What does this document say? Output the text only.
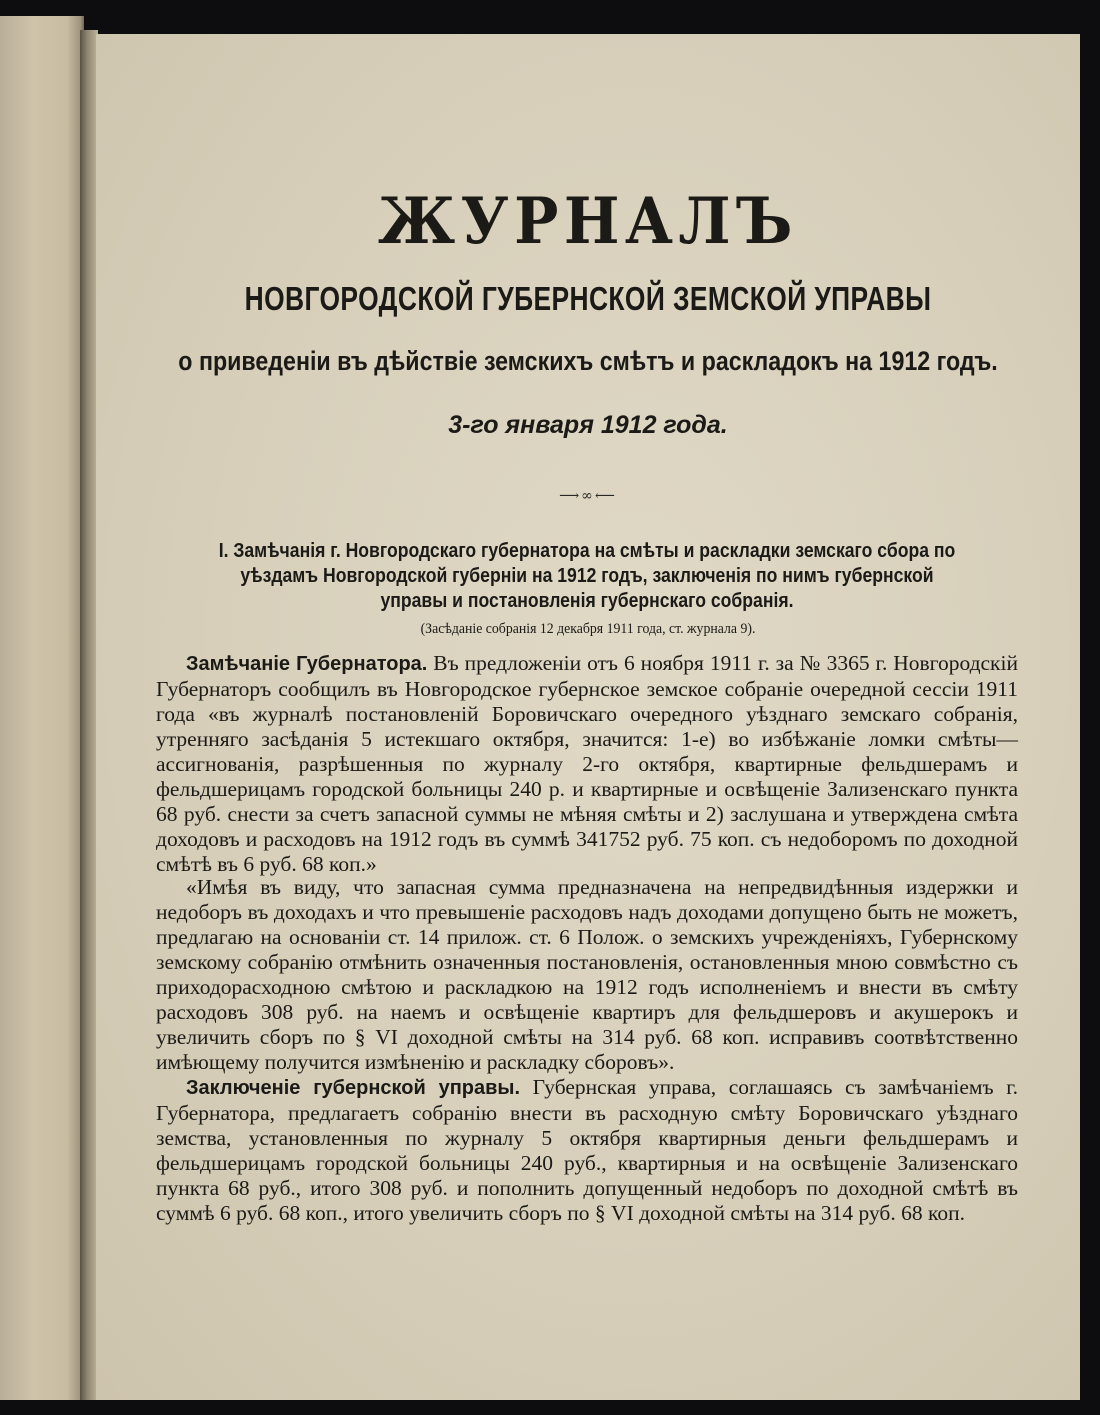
ЖУРНАЛЪ
НОВГОРОДСКОЙ ГУБЕРНСКОЙ ЗЕМСКОЙ УПРАВЫ
о приведеніи въ дѣйствіе земскихъ смѣтъ и раскладокъ на 1912 годъ.
3-го января 1912 года.
⟶∞⟵
I. Замѣчанія г. Новгородскаго губернатора на смѣты и раскладки земскаго сбора по уѣздамъ Новгородской губерніи на 1912 годъ, заключенія по нимъ губернской управы и постановленія губернскаго собранія.
(Засѣданіе собранія 12 декабря 1911 года, ст. журнала 9).

Замѣчаніе Губернатора. Въ предложеніи отъ 6 ноября 1911 г. за № 3365 г. Новгородскій Губернаторъ сообщилъ въ Новгородское губернское земское собраніе очередной сессіи 1911 года «въ журналѣ постановленій Боровичскаго очередного уѣзднаго земскаго собранія, утренняго засѣданія 5 истекшаго октября, значится: 1-е) во избѣжаніе ломки смѣты—ассигнованія, разрѣшенныя по журналу 2-го октября, квартирные фельдшерамъ и фельдшерицамъ городской больницы 240 р. и квартирные и освѣщеніе Зализенскаго пункта 68 руб. снести за счетъ запасной суммы не мѣняя смѣты и 2) заслушана и утверждена смѣта доходовъ и расходовъ на 1912 годъ въ суммѣ 341752 руб. 75 коп. съ недоборомъ по доходной смѣтѣ въ 6 руб. 68 коп.»

«Имѣя въ виду, что запасная сумма предназначена на непредвидѣнныя издержки и недоборъ въ доходахъ и что превышеніе расходовъ надъ доходами допущено быть не можетъ, предлагаю на основаніи ст. 14 прилож. ст. 6 Полож. о земскихъ учрежденіяхъ, Губернскому земскому собранію отмѣнить означенныя постановленія, остановленныя мною совмѣстно съ приходорасходною смѣтою и раскладкою на 1912 годъ исполненіемъ и внести въ смѣту расходовъ 308 руб. на наемъ и освѣщеніе квартиръ для фельдшеровъ и акушерокъ и увеличить сборъ по § VI доходной смѣты на 314 руб. 68 коп. исправивъ соотвѣтственно имѣющему получится измѣненію и раскладку сборовъ».

Заключеніе губернской управы. Губернская управа, соглашаясь съ замѣчаніемъ г. Губернатора, предлагаетъ собранію внести въ расходную смѣту Боровичскаго уѣзднаго земства, установленныя по журналу 5 октября квартирныя деньги фельдшерамъ и фельдшерицамъ городской больницы 240 руб., квартирныя и на освѣщеніе Зализенскаго пункта 68 руб., итого 308 руб. и пополнить допущенный недоборъ по доходной смѣтѣ въ суммѣ 6 руб. 68 коп., итого увеличить сборъ по § VI доходной смѣты на 314 руб. 68 коп.
